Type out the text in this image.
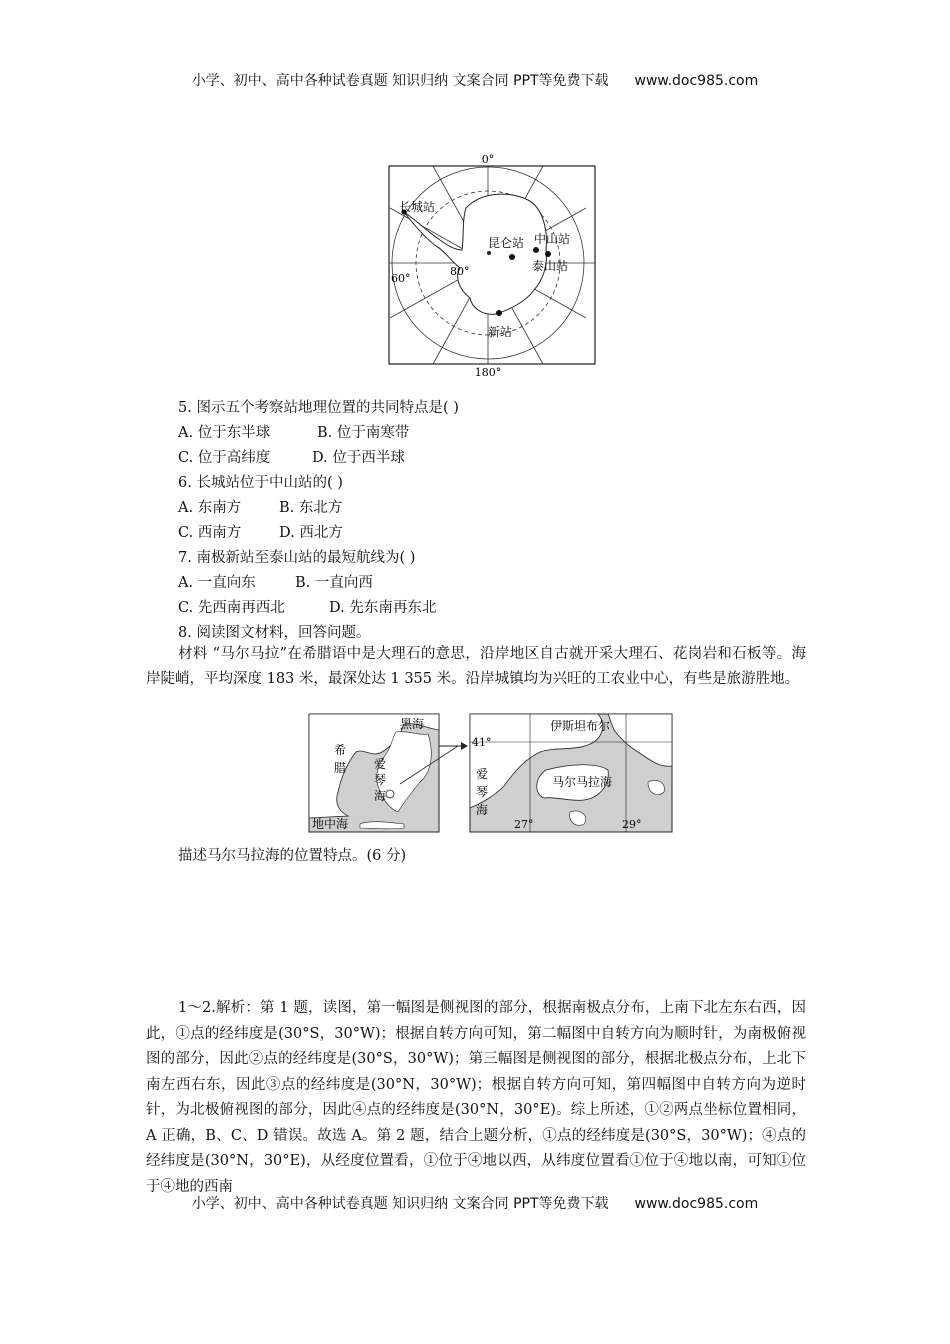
小学、初中、高中各种试卷真题 知识归纳 文案合同 PPT等免费下载 www.doc985.com
0°
180°
60°
80°
长城站
昆仑站 中山站
泰山站
新站
5. 图示五个考察站地理位置的共同特点是( )
A. 位于东半球	B. 位于南寒带
C. 位于高纬度	D. 位于西半球
6. 长城站位于中山站的( )
A. 东南方	B. 东北方
C. 西南方	D. 西北方
7. 南极新站至泰山站的最短航线为( )
A. 一直向东	B. 一直向西
C. 先西南再西北	D. 先东南再东北
8. 阅读图文材料，回答问题。

材料 “马尔马拉”在希腊语中是大理石的意思，沿岸地区自古就开采大理石、花岗岩和石板等。海岸陡峭，平均深度 183 米，最深处达 1 355 米。沿岸城镇均为兴旺的工农业中心，有些是旅游胜地。

黑海
希
腊 爱
琴
海
地中海
伊斯坦布尔
41°
爱
琴
海
马尔马拉海
27°	29°
描述马尔马拉海的位置特点。(6 分)

1～2.解析：第 1 题，读图，第一幅图是侧视图的部分，根据南极点分布，上南下北左东右西，因此，①点的经纬度是(30°S，30°W)；根据自转方向可知，第二幅图中自转方向为顺时针，为南极俯视图的部分，因此②点的经纬度是(30°S，30°W)；第三幅图是侧视图的部分，根据北极点分布，上北下南左西右东，因此③点的经纬度是(30°N，30°W)；根据自转方向可知，第四幅图中自转方向为逆时针，为北极俯视图的部分，因此④点的经纬度是(30°N，30°E)。综上所述，①②两点坐标位置相同，A 正确，B、C、D 错误。故选 A。第 2 题，结合上题分析，①点的经纬度是(30°S，30°W)；④点的经纬度是(30°N，30°E)，从经度位置看，①位于④地以西，从纬度位置看①位于④地以南，可知①位于④地的西南

小学、初中、高中各种试卷真题 知识归纳 文案合同 PPT等免费下载 www.doc985.com
